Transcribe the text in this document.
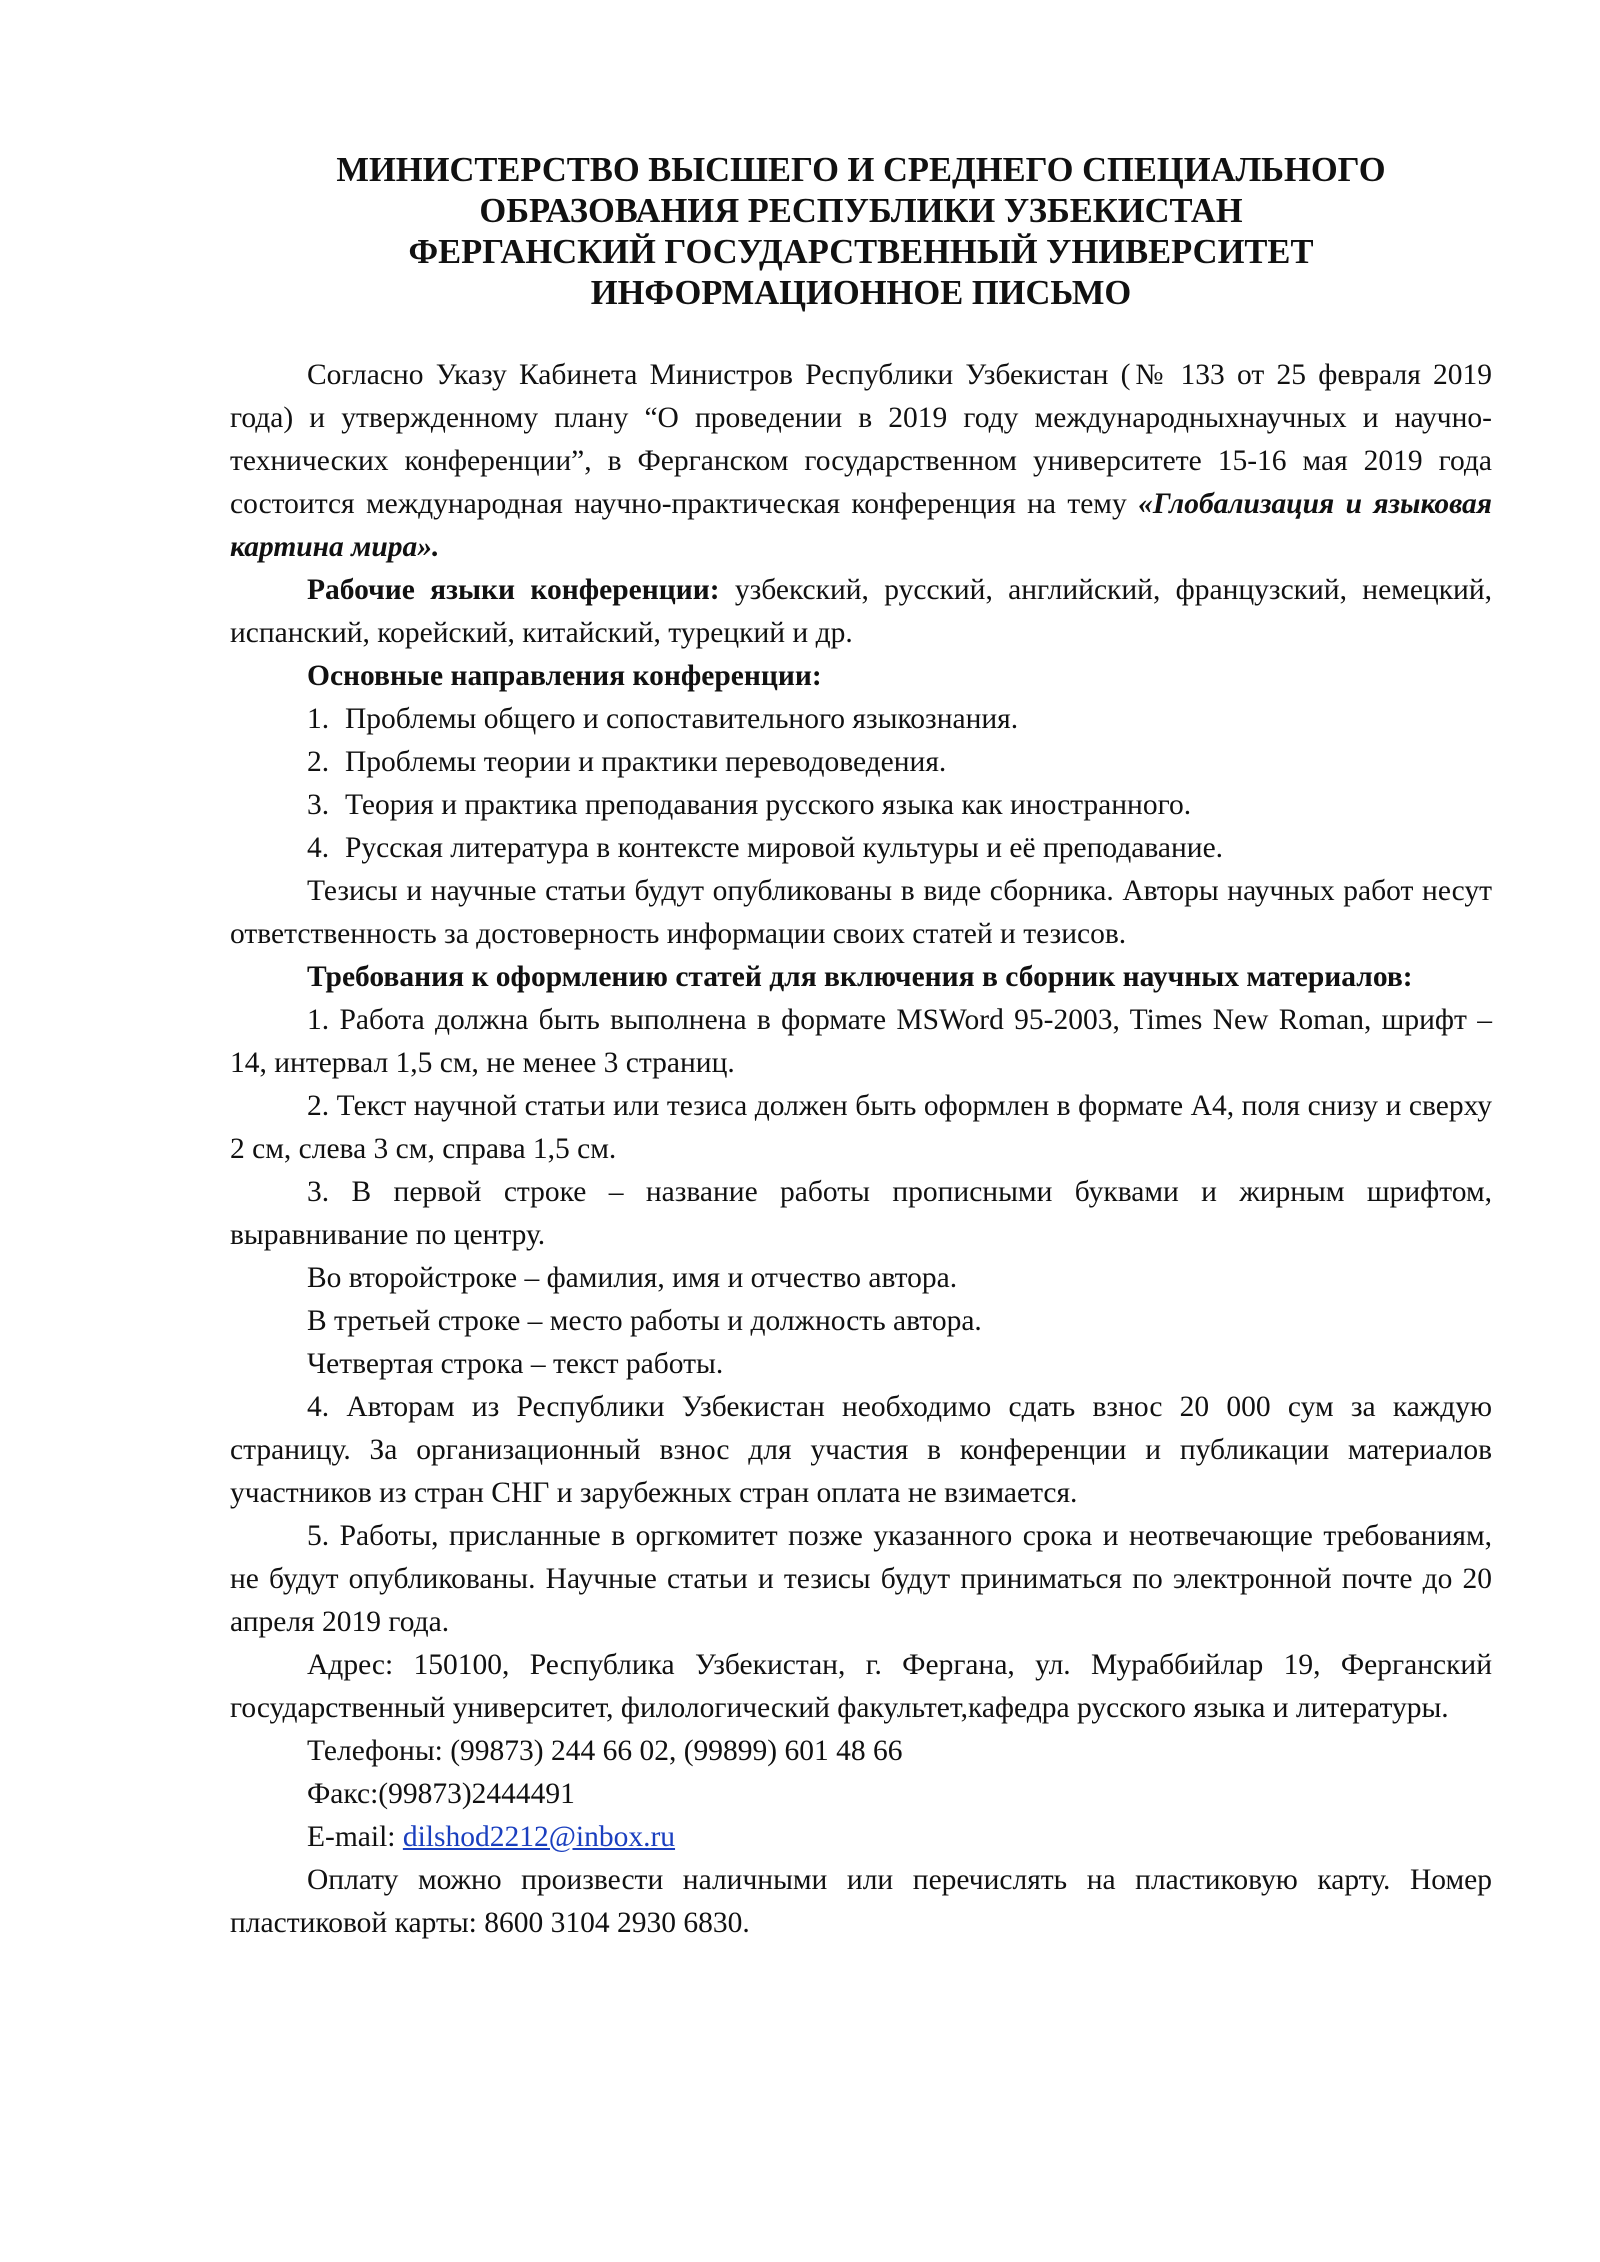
МИНИСТЕРСТВО ВЫСШЕГО И СРЕДНЕГО СПЕЦИАЛЬНОГО
ОБРАЗОВАНИЯ РЕСПУБЛИКИ УЗБЕКИСТАН
ФЕРГАНСКИЙ ГОСУДАРСТВЕННЫЙ УНИВЕРСИТЕТ
ИНФОРМАЦИОННОЕ ПИСЬМО

Согласно Указу Кабинета Министров Республики Узбекистан (№ 133 от 25 февраля 2019 года) и утвержденному плану “О проведении в 2019 году международныхнаучных и научно-технических конференции”, в Ферганском государственном университете 15-16 мая 2019 года состоится международная научно-практическая конференция на тему «Глобализация и языковая картина мира».

Рабочие языки конференции: узбекский, русский, английский, французский, немецкий, испанский, корейский, китайский, турецкий и др.

Основные направления конференции:

1. Проблемы общего и сопоставительного языкознания.

2. Проблемы теории и практики переводоведения.

3. Теория и практика преподавания русского языка как иностранного.

4. Русская литература в контексте мировой культуры и её преподавание.

Тезисы и научные статьи будут опубликованы в виде сборника. Авторы научных работ несут ответственность за достоверность информации своих статей и тезисов.

Требования к оформлению статей для включения в сборник научных материалов:

1. Работа должна быть выполнена в формате MSWord 95-2003, Times New Roman, шрифт – 14, интервал 1,5 см, не менее 3 страниц.

2. Текст научной статьи или тезиса должен быть оформлен в формате А4, поля снизу и сверху 2 см, слева 3 см, справа 1,5 см.

3. В первой строке – название работы прописными буквами и жирным шрифтом, выравнивание по центру.

Во второйстроке – фамилия, имя и отчество автора.

В третьей строке – место работы и должность автора.

Четвертая строка – текст работы.

4. Авторам из Республики Узбекистан необходимо сдать взнос 20 000 сум за каждую страницу. За организационный взнос для участия в конференции и публикации материалов участников из стран СНГ и зарубежных стран оплата не взимается.

5. Работы, присланные в оргкомитет позже указанного срока и неотвечающие требованиям, не будут опубликованы. Научные статьи и тезисы будут приниматься по электронной почте до 20 апреля 2019 года.

Адрес: 150100, Республика Узбекистан, г. Фергана, ул. Мураббийлар 19, Ферганский государственный университет, филологический факультет,кафедра русского языка и литературы.

Телефоны: (99873) 244 66 02, (99899) 601 48 66

Факс:(99873)2444491

E-mail: dilshod2212@inbox.ru

Оплату можно произвести наличными или перечислять на пластиковую карту. Номер пластиковой карты: 8600 3104 2930 6830.
